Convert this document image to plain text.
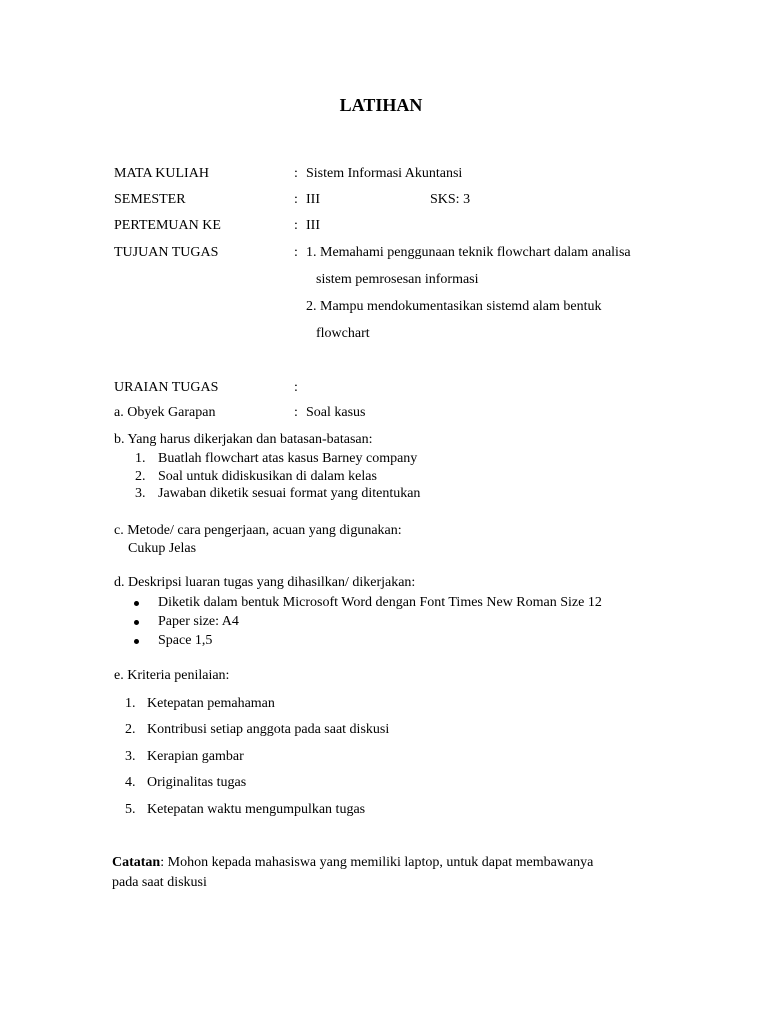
LATIHAN
MATA KULIAH	: Sistem Informasi Akuntansi
SEMESTER	: III	SKS: 3
PERTEMUAN KE	: III
TUJUAN TUGAS	: 1. Memahami penggunaan teknik flowchart dalam analisa
sistem pemrosesan informasi
2. Mampu mendokumentasikan sistemd alam bentuk
flowchart
URAIAN TUGAS	:
a. Obyek Garapan	: Soal kasus
b. Yang harus dikerjakan dan batasan-batasan:
1. Buatlah flowchart atas kasus Barney company
2. Soal untuk didiskusikan di dalam kelas
3. Jawaban diketik sesuai format yang ditentukan
c. Metode/ cara pengerjaan, acuan yang digunakan:
Cukup Jelas
d. Deskripsi luaran tugas yang dihasilkan/ dikerjakan:
Diketik dalam bentuk Microsoft Word dengan Font Times New Roman Size 12
Paper size: A4
Space 1,5
e. Kriteria penilaian:
1. Ketepatan pemahaman
2. Kontribusi setiap anggota pada saat diskusi
3. Kerapian gambar
4. Originalitas tugas
5. Ketepatan waktu mengumpulkan tugas
Catatan: Mohon kepada mahasiswa yang memiliki laptop, untuk dapat membawanya
pada saat diskusi
